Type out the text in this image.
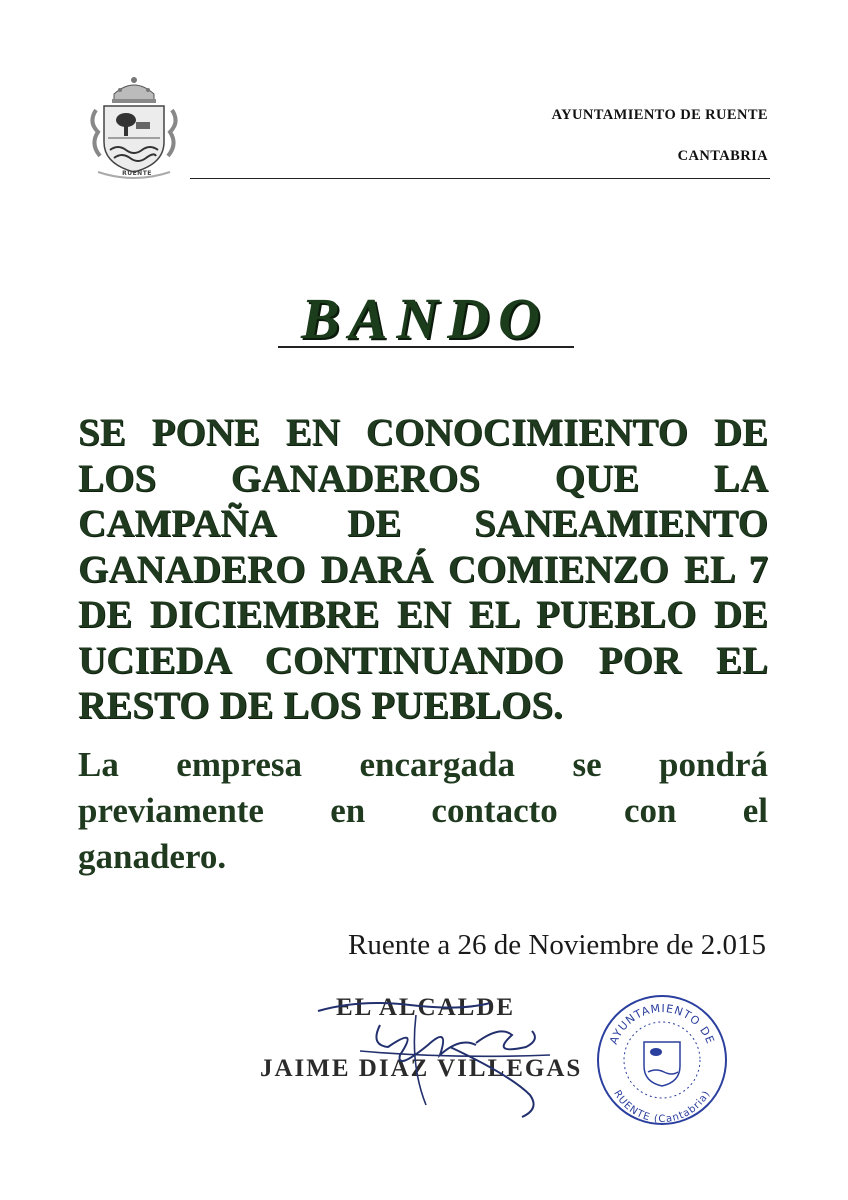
RUENTE
AYUNTAMIENTO DE RUENTE
CANTABRIA
BANDO

SE PONE EN CONOCIMIENTO DE LOS GANADEROS QUE LA CAMPAÑA DE SANEAMIENTO GANADERO DARÁ COMIENZO EL 7 DE DICIEMBRE EN EL PUEBLO DE UCIEDA CONTINUANDO POR EL RESTO DE LOS PUEBLOS.

La empresa encargada se pondrá
previamente en contacto con el
ganadero.
Ruente a 26 de Noviembre de 2.015
EL ALCALDE
JAIME DIAZ VILLEGAS
AYUNTAMIENTO DE
RUENTE (Cantabria)
